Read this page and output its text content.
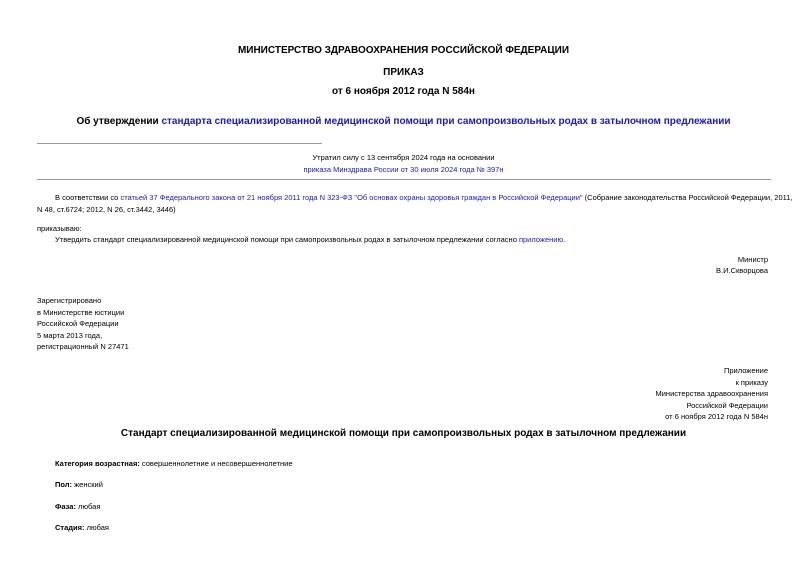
МИНИСТЕРСТВО ЗДРАВООХРАНЕНИЯ РОССИЙСКОЙ ФЕДЕРАЦИИ
ПРИКАЗ
от 6 ноября 2012 года N 584н
Об утверждении стандарта специализированной медицинской помощи при самопроизвольных родах в затылочном предлежании
Утратил силу с 13 сентября 2024 года на основании
приказа Минздрава России от 30 июля 2024 года № 397н
В соответствии со статьей 37 Федерального закона от 21 ноября 2011 года N 323-ФЗ "Об основах охраны здоровья граждан в Российской Федерации" (Собрание законодательства Российской Федерации, 2011,
N 48, ст.6724; 2012, N 26, ст.3442, 3446)
приказываю:
Утвердить стандарт специализированной медицинской помощи при самопроизвольных родах в затылочном предлежании согласно приложению.
Министр
В.И.Скворцова
Зарегистрировано
в Министерстве юстиции
Российской Федерации
5 марта 2013 года,
регистрационный N 27471
Приложение
к приказу
Министерства здравоохранения
Российской Федерации
от 6 ноября 2012 года N 584н
Стандарт специализированной медицинской помощи при самопроизвольных родах в затылочном предлежании
Категория возрастная: совершеннолетние и несовершеннолетние
Пол: женский
Фаза: любая
Стадия: любая
